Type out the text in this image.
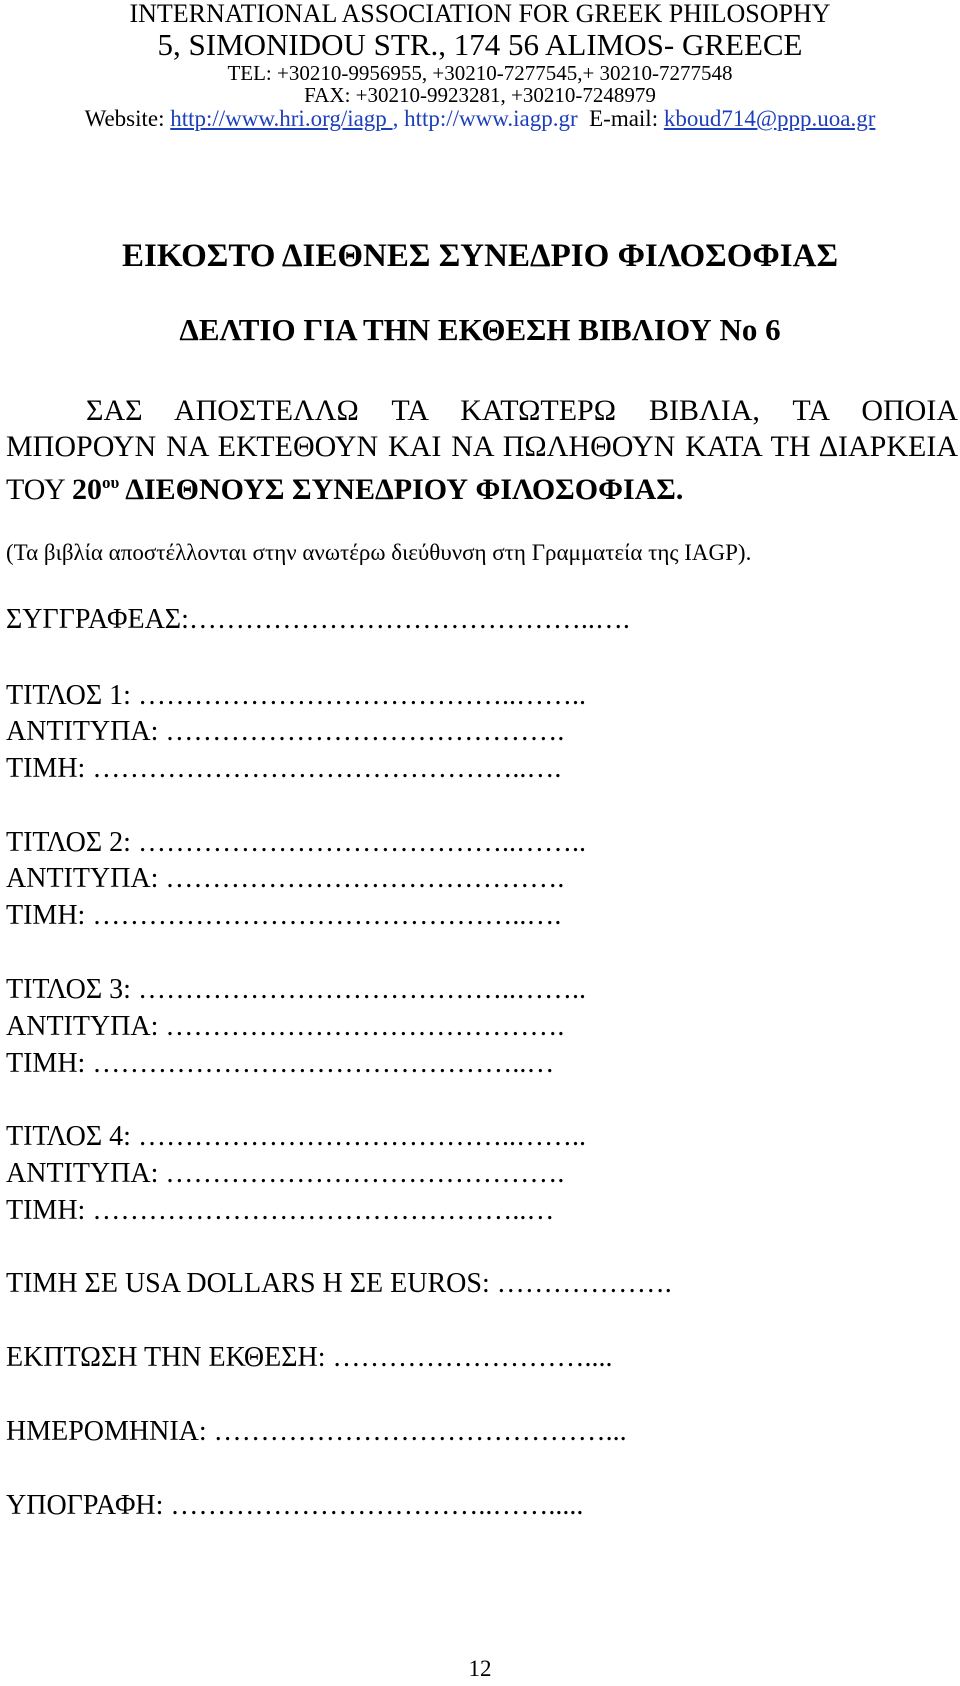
INTERNATIONAL ASSOCIATION FOR GREEK PHILOSOPHY
5, SIMONIDOU STR., 174 56 ALIMOS- GREECE
TEL: +30210-9956955, +30210-7277545,+ 30210-7277548
FAX: +30210-9923281, +30210-7248979
Website: http://www.hri.org/iagp , http://www.iagp.gr  E-mail: kboud714@ppp.uoa.gr
ΕΙΚΟΣΤΟ ΔΙΕΘΝΕΣ ΣΥΝΕΔΡΙΟ ΦΙΛΟΣΟΦΙΑΣ
ΔΕΛΤΙΟ ΓΙΑ ΤΗΝ ΕΚΘΕΣΗ ΒΙΒΛΙΟΥ Νο 6
ΣΑΣ ΑΠΟΣΤΕΛΛΩ ΤΑ ΚΑΤΩΤΕΡΩ ΒΙΒΛΙΑ, ΤΑ ΟΠΟΙΑ ΜΠΟΡΟΥΝ ΝΑ ΕΚΤΕΘΟΥΝ ΚΑΙ ΝΑ ΠΩΛΗΘΟΥΝ ΚΑΤΑ ΤΗ ΔΙΑΡΚΕΙΑ ΤΟΥ $20^{o\upsilon}$ ΔΙΕΘΝΟΥΣ ΣΥΝΕΔΡΙΟΥ ΦΙΛΟΣΟΦΙΑΣ.
(Τα βιβλία αποστέλλονται στην ανωτέρω διεύθυνση στη Γραμματεία της IAGP).
ΣΥΓΓΡΑΦΕΑΣ:……………………………………..….
ΤΙΤΛΟΣ 1: …………………………………..……..
ΑΝΤΙΤΥΠΑ: …………………………………….
ΤΙΜΗ: ………………………………………..….
ΤΙΤΛΟΣ 2: …………………………………..……..
ΑΝΤΙΤΥΠΑ: …………………………………….
ΤΙΜΗ: ………………………………………..….
ΤΙΤΛΟΣ 3: …………………………………..……..
ΑΝΤΙΤΥΠΑ: …………………………………….
ΤΙΜΗ: ………………………………………..…
ΤΙΤΛΟΣ 4: …………………………………..……..
ΑΝΤΙΤΥΠΑ: …………………………………….
ΤΙΜΗ: ………………………………………..…
ΤΙΜΗ ΣΕ USA DOLLARS Η ΣΕ EUROS: ……………….
ΕΚΠΤΩΣΗ ΤΗΝ ΕΚΘΕΣΗ: ………………………....
ΗΜΕΡΟΜΗΝΙΑ: ……………………………………...
ΥΠΟΓΡΑΦΗ: ……………………………..…….....
12
